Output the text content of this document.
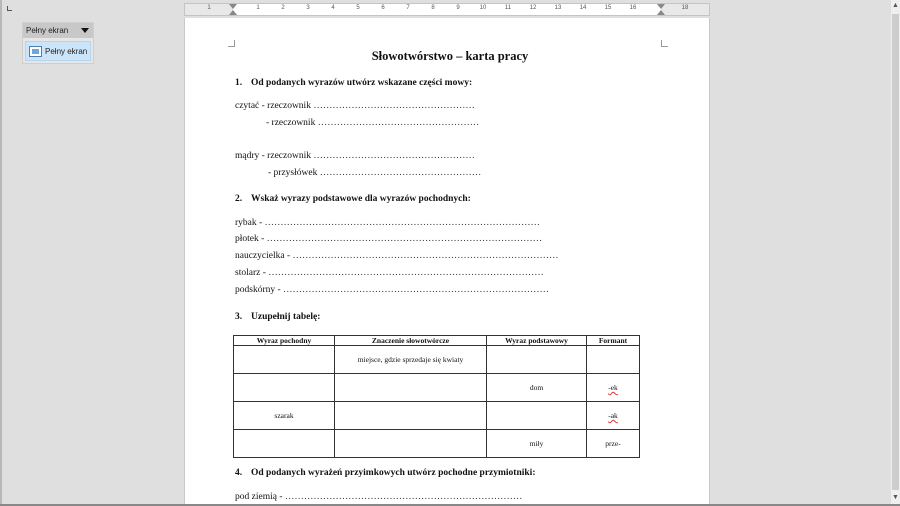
Pełny ekran
Pełny ekran
1	1	2	3	4	5	6	7	8	9	10	11	12	13	14	15	16	18
Słowotwórstwo – karta pracy
1. Od podanych wyrazów utwórz wskazane części mowy:
czytać - rzeczownik ……………………………………………
- rzeczownik ……………………………………………
mądry - rzeczownik ……………………………………………
- przysłówek ……………………………………………
2. Wskaż wyrazy podstawowe dla wyrazów pochodnych:
rybak - ……………………………………………………………………………
płotek - ……………………………………………………………………………
nauczycielka - …………………………………………………………………………
stolarz - ……………………………………………………………………………
podskórny - …………………………………………………………………………
3. Uzupełnij tabelę:
4. Od podanych wyrażeń przyimkowych utwórz pochodne przymiotniki:
pod ziemią - …………………………………………………………………
Wyraz pochodny	Znaczenie słowotwórcze	Wyraz podstawowy	Formant
	miejsce, gdzie sprzedaje się kwiaty		
		dom	-ek
szarak			-ak
		miły	prze-
▲
▼
